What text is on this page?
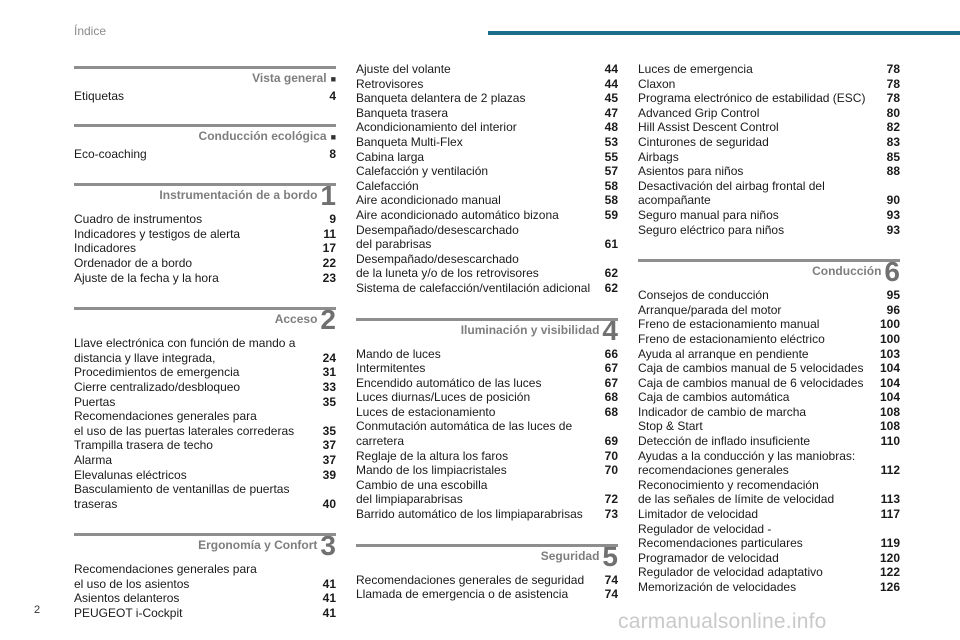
Índice
$^{Vista general}$ ■
Etiquetas	4
$^{Conducción ecológica}$ ■
Eco-coaching	8
$^{Instrumentación de a bordo}$ 1
Cuadro de instrumentos	9
Indicadores y testigos de alerta	11
Indicadores	17
Ordenador de a bordo	22
Ajuste de la fecha y la hora	23
$^{Acceso}$ 2
Llave electrónica con función de mando a
distancia y llave integrada,	24
Procedimientos de emergencia	31
Cierre centralizado/desbloqueo	33
Puertas	35
Recomendaciones generales para
el uso de las puertas laterales correderas	35
Trampilla trasera de techo	37
Alarma	37
Elevalunas eléctricos	39
Basculamiento de ventanillas de puertas
traseras	40
$^{Ergonomía y Confort}$ 3
Recomendaciones generales para
el uso de los asientos	41
Asientos delanteros	41
PEUGEOT i-Cockpit	41
Ajuste del volante	44
Retrovisores	44
Banqueta delantera de 2 plazas	45
Banqueta trasera	47
Acondicionamiento del interior	48
Banqueta Multi-Flex	53
Cabina larga	55
Calefacción y ventilación	57
Calefacción	58
Aire acondicionado manual	58
Aire acondicionado automático bizona	59
Desempañado/desescarchado
del parabrisas	61
Desempañado/desescarchado
de la luneta y/o de los retrovisores	62
Sistema de calefacción/ventilación adicional	62
$^{Iluminación y visibilidad}$ 4
Mando de luces	66
Intermitentes	67
Encendido automático de las luces	67
Luces diurnas/Luces de posición	68
Luces de estacionamiento	68
Conmutación automática de las luces de
carretera	69
Reglaje de la altura los faros	70
Mando de los limpiacristales	70
Cambio de una escobilla
del limpiaparabrisas	72
Barrido automático de los limpiaparabrisas	73
$^{Seguridad}$ 5
Recomendaciones generales de seguridad	74
Llamada de emergencia o de asistencia	74
Luces de emergencia	78
Claxon	78
Programa electrónico de estabilidad (ESC)	78
Advanced Grip Control	80
Hill Assist Descent Control	82
Cinturones de seguridad	83
Airbags	85
Asientos para niños	88
Desactivación del airbag frontal del
acompañante	90
Seguro manual para niños	93
Seguro eléctrico para niños	93
$^{Conducción}$ 6
Consejos de conducción	95
Arranque/parada del motor	96
Freno de estacionamiento manual	100
Freno de estacionamiento eléctrico	100
Ayuda al arranque en pendiente	103
Caja de cambios manual de 5 velocidades	104
Caja de cambios manual de 6 velocidades	104
Caja de cambios automática	104
Indicador de cambio de marcha	108
Stop & Start	108
Detección de inflado insuficiente	110
Ayudas a la conducción y las maniobras:
recomendaciones generales	112
Reconocimiento y recomendación
de las señales de límite de velocidad	113
Limitador de velocidad	117
Regulador de velocidad -
Recomendaciones particulares	119
Programador de velocidad	120
Regulador de velocidad adaptativo	122
Memorización de velocidades	126
2	carmanualsonline.info
